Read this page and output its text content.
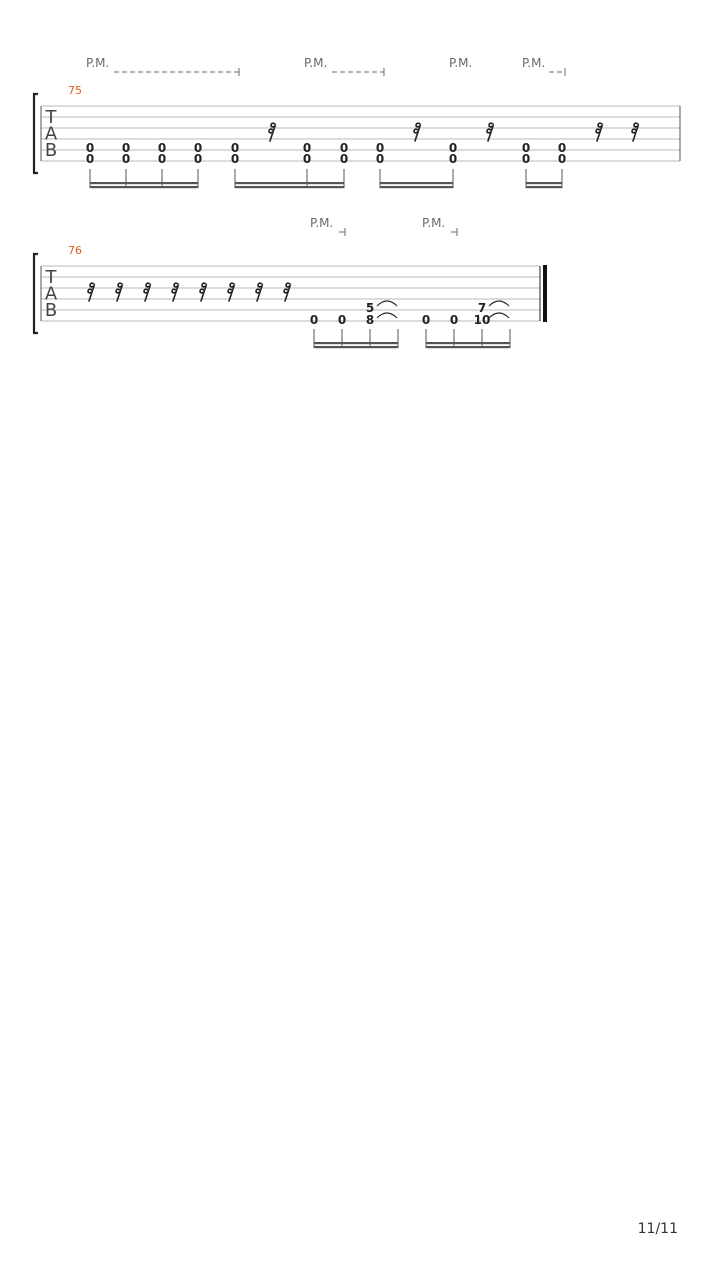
T
A
B
75
P.M.	P.M.	P.M.	P.M.
0
0
0
0
0
0
0
0
0
0
0
0
0
0
0
0
0
0
0
0
0
0
T
A
B
76
P.M.	P.M.
0 0
5
8	0 0
7
10
11/11
